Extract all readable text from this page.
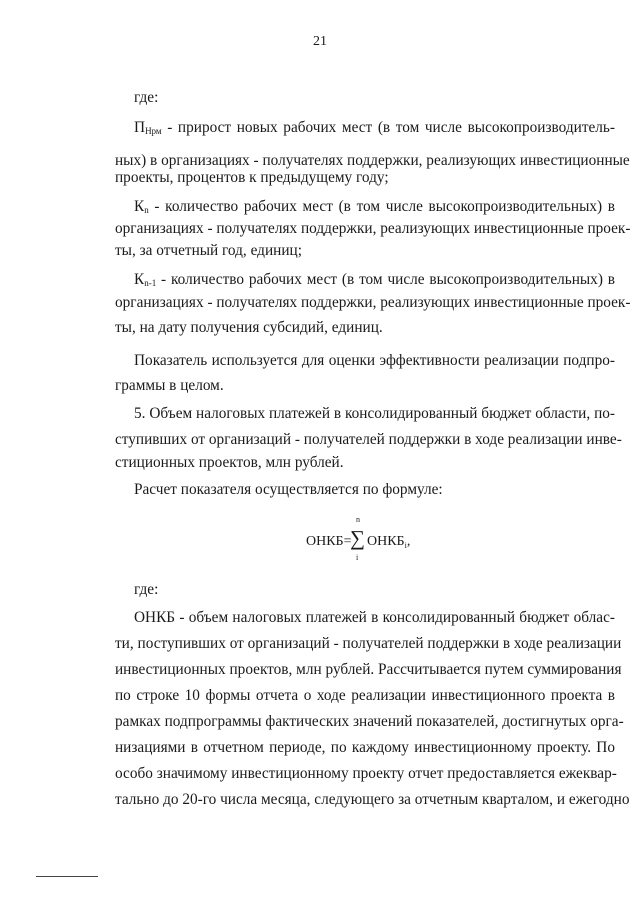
21
где:
$П_{Нрм}$ - прирост новых рабочих мест (в том числе высокопроизводитель-
ных) в организациях - получателях поддержки, реализующих инвестиционные
проекты, процентов к предыдущему году;
$К_n$ - количество рабочих мест (в том числе высокопроизводительных) в
организациях - получателях поддержки, реализующих инвестиционные проек-
ты, за отчетный год, единиц;
$К_{n-1}$ - количество рабочих мест (в том числе высокопроизводительных) в
организациях - получателях поддержки, реализующих инвестиционные проек-
ты, на дату получения субсидий, единиц.
Показатель используется для оценки эффективности реализации подпро-
граммы в целом.
5. Объем налоговых платежей в консолидированный бюджет области, по-
ступивших от организаций - получателей поддержки в ходе реализации инве-
стиционных проектов, млн рублей.
Расчет показателя осуществляется по формуле:
ОНКБ=
n
∑
i
$ОНКБ_i$,
где:
ОНКБ - объем налоговых платежей в консолидированный бюджет облас-
ти, поступивших от организаций - получателей поддержки в ходе реализации
инвестиционных проектов, млн рублей. Рассчитывается путем суммирования
по строке 10 формы отчета о ходе реализации инвестиционного проекта в
рамках подпрограммы фактических значений показателей, достигнутых орга-
низациями в отчетном периоде, по каждому инвестиционному проекту. По
особо значимому инвестиционному проекту отчет предоставляется ежеквар-
тально до 20-го числа месяца, следующего за отчетным кварталом, и ежегодно
